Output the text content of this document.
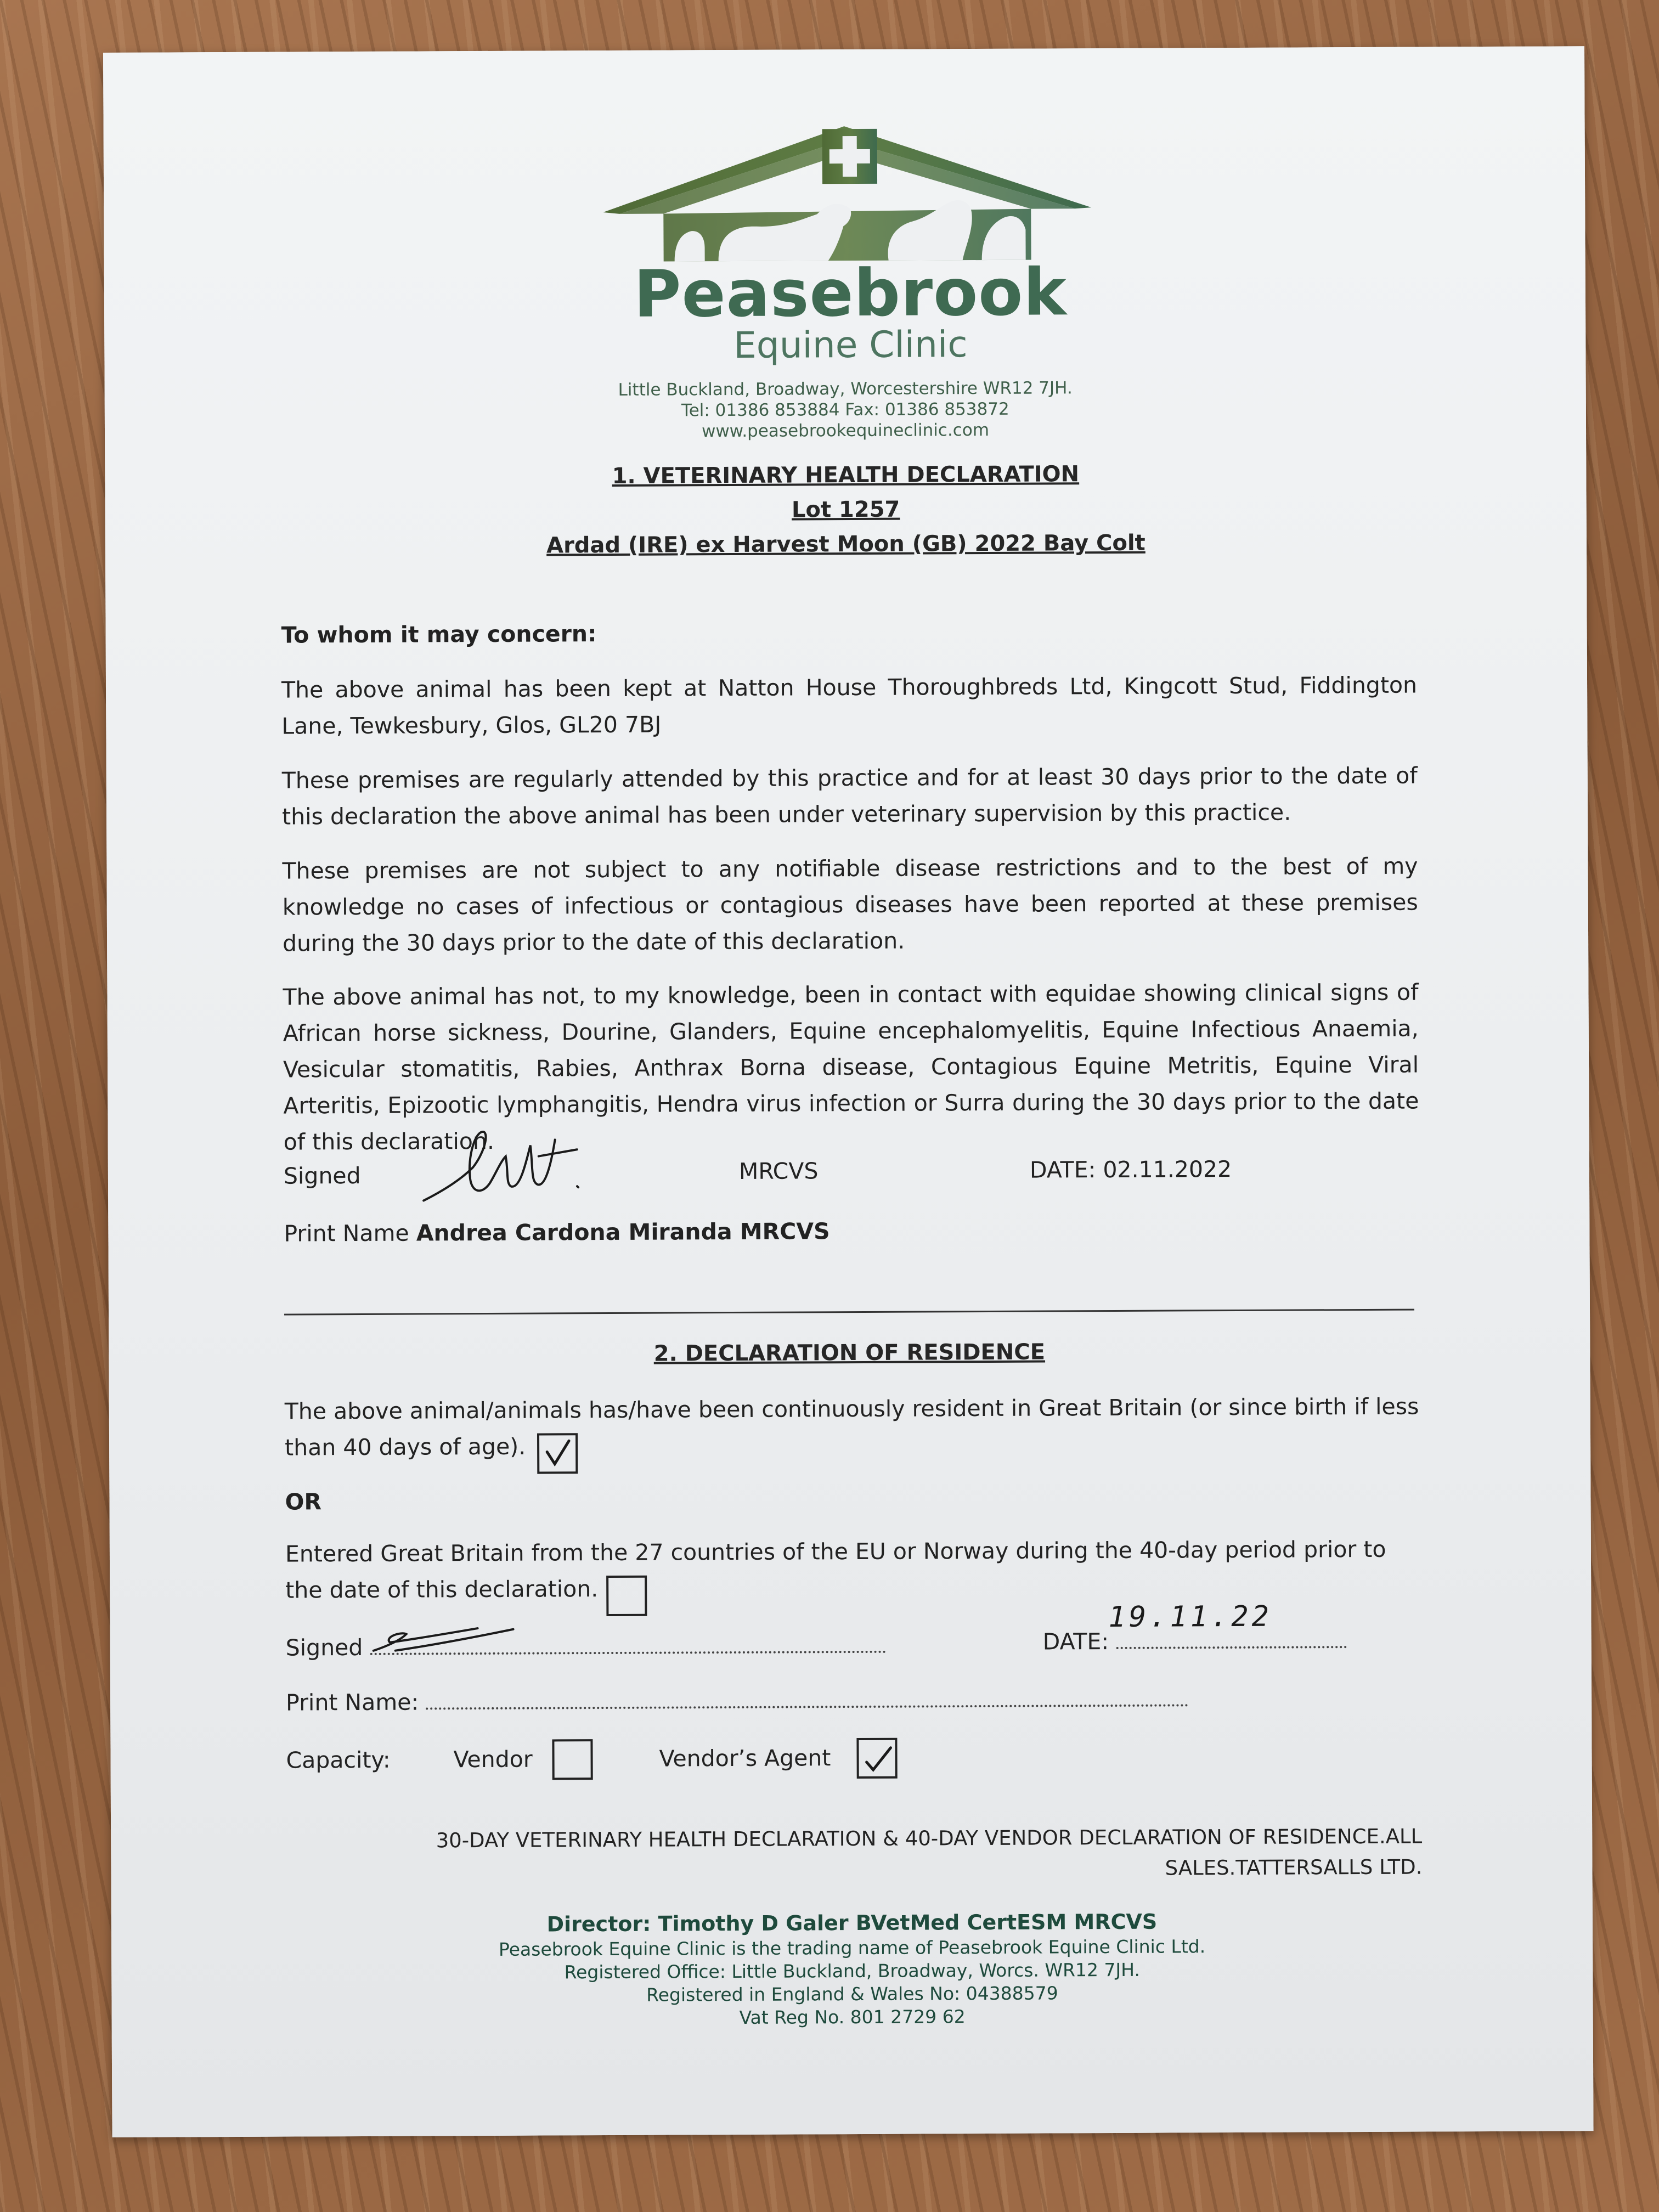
Peasebrook
Equine Clinic
Little Buckland, Broadway, Worcestershire WR12 7JH.
Tel: 01386 853884 Fax: 01386 853872
www.peasebrookequineclinic.com
1. VETERINARY HEALTH DECLARATION
Lot 1257
Ardad (IRE) ex Harvest Moon (GB) 2022 Bay Colt
To whom it may concern:
The above animal has been kept at Natton House Thoroughbreds Ltd, Kingcott Stud, Fiddington Lane, Tewkesbury, Glos, GL20 7BJ
These premises are regularly attended by this practice and for at least 30 days prior to the date of this declaration the above animal has been under veterinary supervision by this practice.
These premises are not subject to any notifiable disease restrictions and to the best of my knowledge no cases of infectious or contagious diseases have been reported at these premises during the 30 days prior to the date of this declaration.
The above animal has not, to my knowledge, been in contact with equidae showing clinical signs of African horse sickness, Dourine, Glanders, Equine encephalomyelitis, Equine Infectious Anaemia, Vesicular stomatitis, Rabies, Anthrax Borna disease, Contagious Equine Metritis, Equine Viral Arteritis, Epizootic lymphangitis, Hendra virus infection or Surra during the 30 days prior to the date of this declaration.
Signed	MRCVS	DATE: 02.11.2022
Print Name Andrea Cardona Miranda MRCVS
2. DECLARATION OF RESIDENCE
The above animal/animals has/have been continuously resident in Great Britain (or since birth if less than 40 days of age).
OR
Entered Great Britain from the 27 countries of the EU or Norway during the 40-day period prior to the date of this declaration.
Signed	DATE:
19.11.22
Print Name:
Capacity:	Vendor	Vendor’s Agent
30-DAY VETERINARY HEALTH DECLARATION & 40-DAY VENDOR DECLARATION OF RESIDENCE.ALL
SALES.TATTERSALLS LTD.
Director: Timothy D Galer BVetMed CertESM MRCVS
Peasebrook Equine Clinic is the trading name of Peasebrook Equine Clinic Ltd.
Registered Office: Little Buckland, Broadway, Worcs. WR12 7JH.
Registered in England & Wales No: 04388579
Vat Reg No. 801 2729 62
